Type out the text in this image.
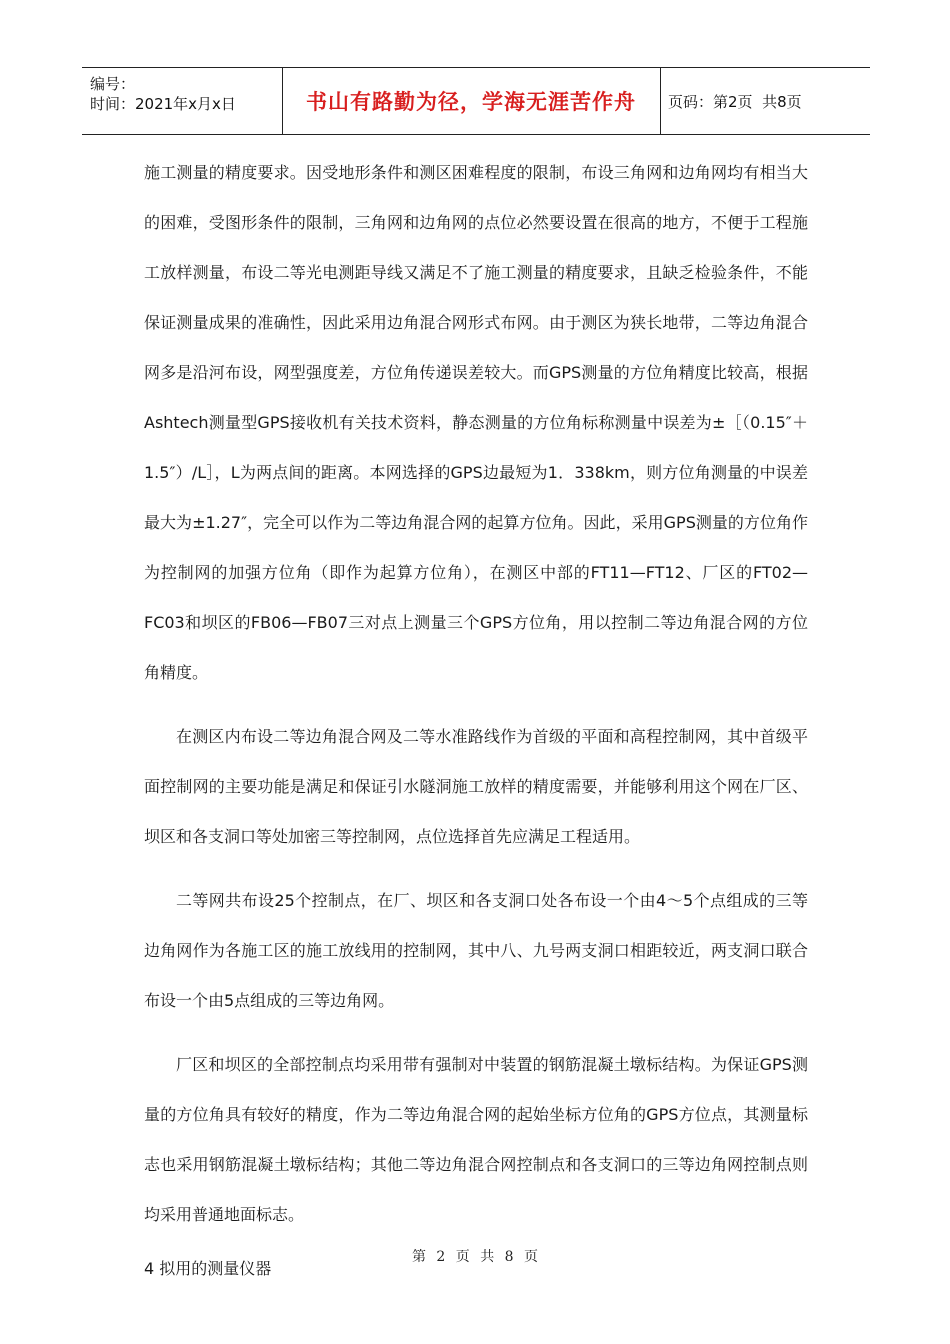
编号：
时间：2021年x月x日	书山有路勤为径，学海无涯苦作舟	页码：第2页  共8页

施工测量的精度要求。因受地形条件和测区困难程度的限制，布设三角网和边角网均有相当大的困难，受图形条件的限制，三角网和边角网的点位必然要设置在很高的地方，不便于工程施工放样测量，布设二等光电测距导线又满足不了施工测量的精度要求，且缺乏检验条件，不能保证测量成果的准确性，因此采用边角混合网形式布网。由于测区为狭长地带，二等边角混合网多是沿河布设，网型强度差，方位角传递误差较大。而GPS测量的方位角精度比较高，根据Ashtech测量型GPS接收机有关技术资料，静态测量的方位角标称测量中误差为±［（0.15″＋1.5″）/L］，L为两点间的距离。本网选择的GPS边最短为1．338km，则方位角测量的中误差最大为±1.27″，完全可以作为二等边角混合网的起算方位角。因此，采用GPS测量的方位角作为控制网的加强方位角（即作为起算方位角），在测区中部的FT11—FT12、厂区的FT02—FC03和坝区的FB06—FB07三对点上测量三个GPS方位角，用以控制二等边角混合网的方位角精度。

在测区内布设二等边角混合网及二等水准路线作为首级的平面和高程控制网，其中首级平面控制网的主要功能是满足和保证引水隧洞施工放样的精度需要，并能够利用这个网在厂区、坝区和各支洞口等处加密三等控制网，点位选择首先应满足工程适用。

二等网共布设25个控制点，在厂、坝区和各支洞口处各布设一个由4～5个点组成的三等边角网作为各施工区的施工放线用的控制网，其中八、九号两支洞口相距较近，两支洞口联合布设一个由5点组成的三等边角网。

厂区和坝区的全部控制点均采用带有强制对中装置的钢筋混凝土墩标结构。为保证GPS测量的方位角具有较好的精度，作为二等边角混合网的起始坐标方位角的GPS方位点，其测量标志也采用钢筋混凝土墩标结构；其他二等边角混合网控制点和各支洞口的三等边角网控制点则均采用普通地面标志。

4 拟用的测量仪器

第 2 页 共 8 页
